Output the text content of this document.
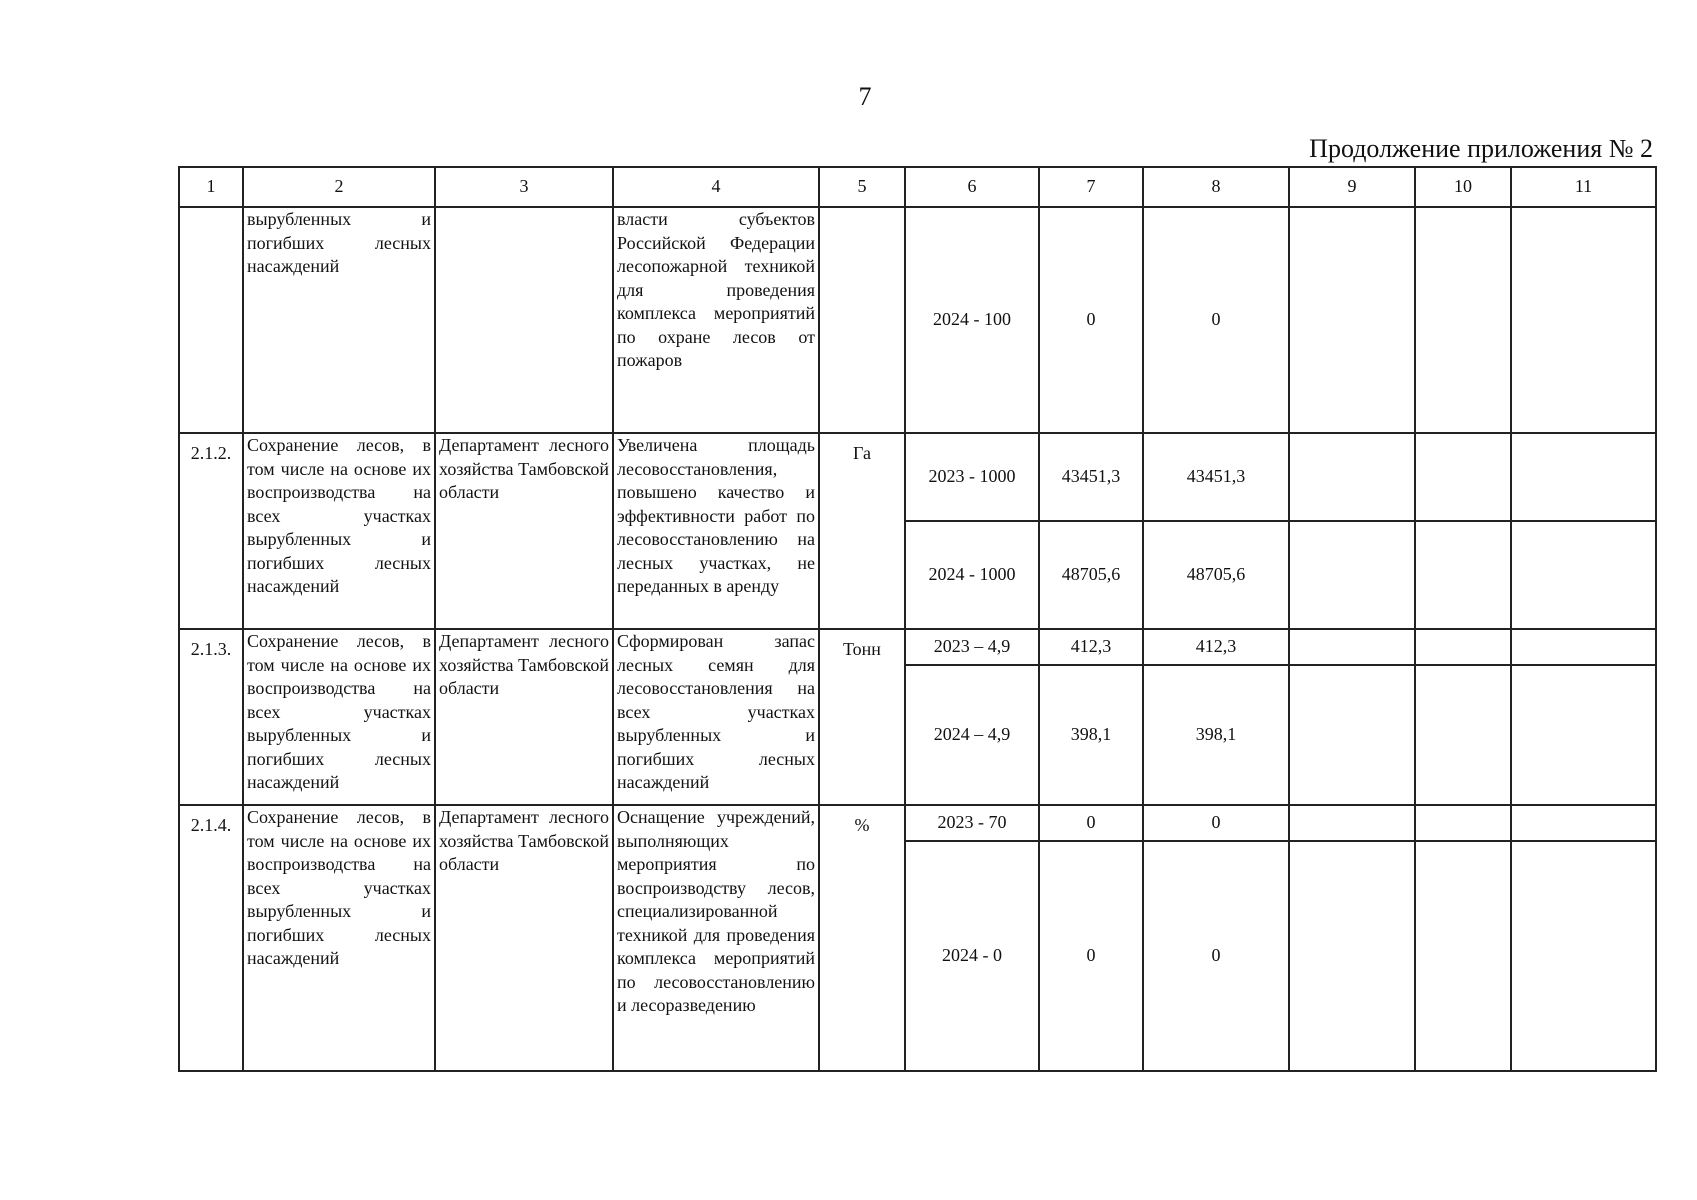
7
Продолжение приложения № 2
1	2	3	4	5	6	7	8	9	10	11
	вырубленных и погибших лесных насаждений		власти субъектов Российской Федерации лесопожарной техникой для проведения комплекса мероприятий по охране лесов от пожаров		2024 - 100	0	0			
2.1.2.	Сохранение лесов, в том числе на основе их воспроизводства на всех участках вырубленных и погибших лесных насаждений	Департамент лесного хозяйства Тамбовской области	Увеличена площадь лесовосстановления, повышено качество и эффективности работ по лесовосстановлению на лесных участках, не переданных в аренду	Га	2023 - 1000	43451,3	43451,3			
					2024 - 1000	48705,6	48705,6			
2.1.3.	Сохранение лесов, в том числе на основе их воспроизводства на всех участках вырубленных и погибших лесных насаждений	Департамент лесного хозяйства Тамбовской области	Сформирован запас лесных семян для лесовосстановления на всех участках вырубленных и погибших лесных насаждений	Тонн	2023 – 4,9	412,3	412,3			
					2024 – 4,9	398,1	398,1			
2.1.4.	Сохранение лесов, в том числе на основе их воспроизводства на всех участках вырубленных и погибших лесных насаждений	Департамент лесного хозяйства Тамбовской области	Оснащение учреждений, выполняющих мероприятия по воспроизводству лесов, специализированной техникой для проведения комплекса мероприятий по лесовосстановлению и лесоразведению	%	2023 - 70	0	0			
					2024 - 0	0	0			
